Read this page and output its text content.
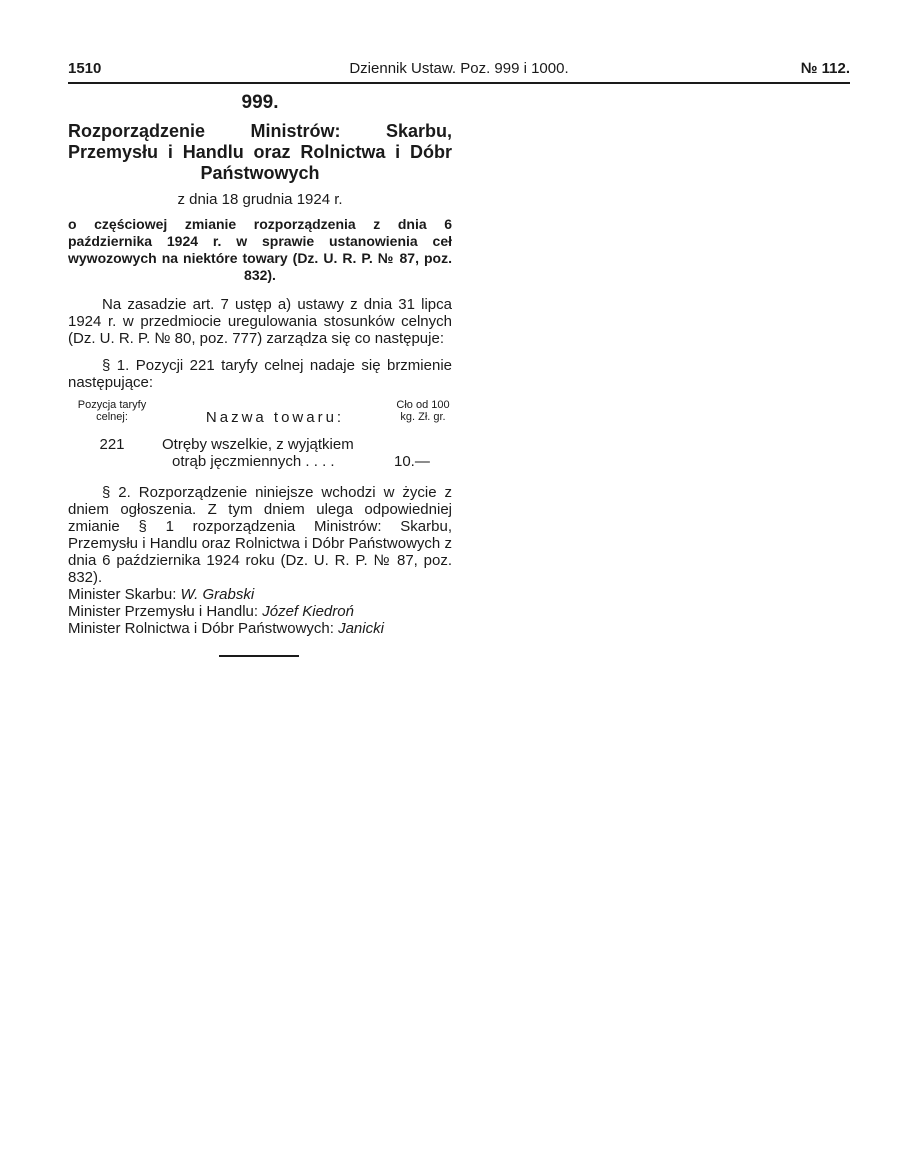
1510	Dziennik Ustaw. Poz. 999 i 1000.	№ 112.
999.

Rozporządzenie Ministrów: Skarbu, Przemysłu i Handlu oraz Rolnictwa i Dóbr Państwowych

z dnia 18 grudnia 1924 r.

o częściowej zmianie rozporządzenia z dnia 6 października 1924 r. w sprawie ustanowienia ceł wywozowych na niektóre towary (Dz. U. R. P. № 87, poz. 832).

Na zasadzie art. 7 ustęp a) ustawy z dnia 31 lipca 1924 r. w przedmiocie uregulowania stosunków celnych (Dz. U. R. P. № 80, poz. 777) zarządza się co następuje:

§ 1. Pozycji 221 taryfy celnej nadaje się brzmienie następujące:

Pozycja taryfy celnej:	Nazwa towaru:	Cło od 100 kg. Zł. gr.
221	Otręby wszelkie, z wyjątkiem
otrąb jęczmiennych . . . .	10.—

§ 2. Rozporządzenie niniejsze wchodzi w życie z dniem ogłoszenia. Z tym dniem ulega odpowiedniej zmianie § 1 rozporządzenia Ministrów: Skarbu, Przemysłu i Handlu oraz Rolnictwa i Dóbr Państwowych z dnia 6 października 1924 roku (Dz. U. R. P. № 87, poz. 832).

Minister Skarbu: W. Grabski

Minister Przemysłu i Handlu: Józef Kiedroń

Minister Rolnictwa i Dóbr Państwowych: Janicki
